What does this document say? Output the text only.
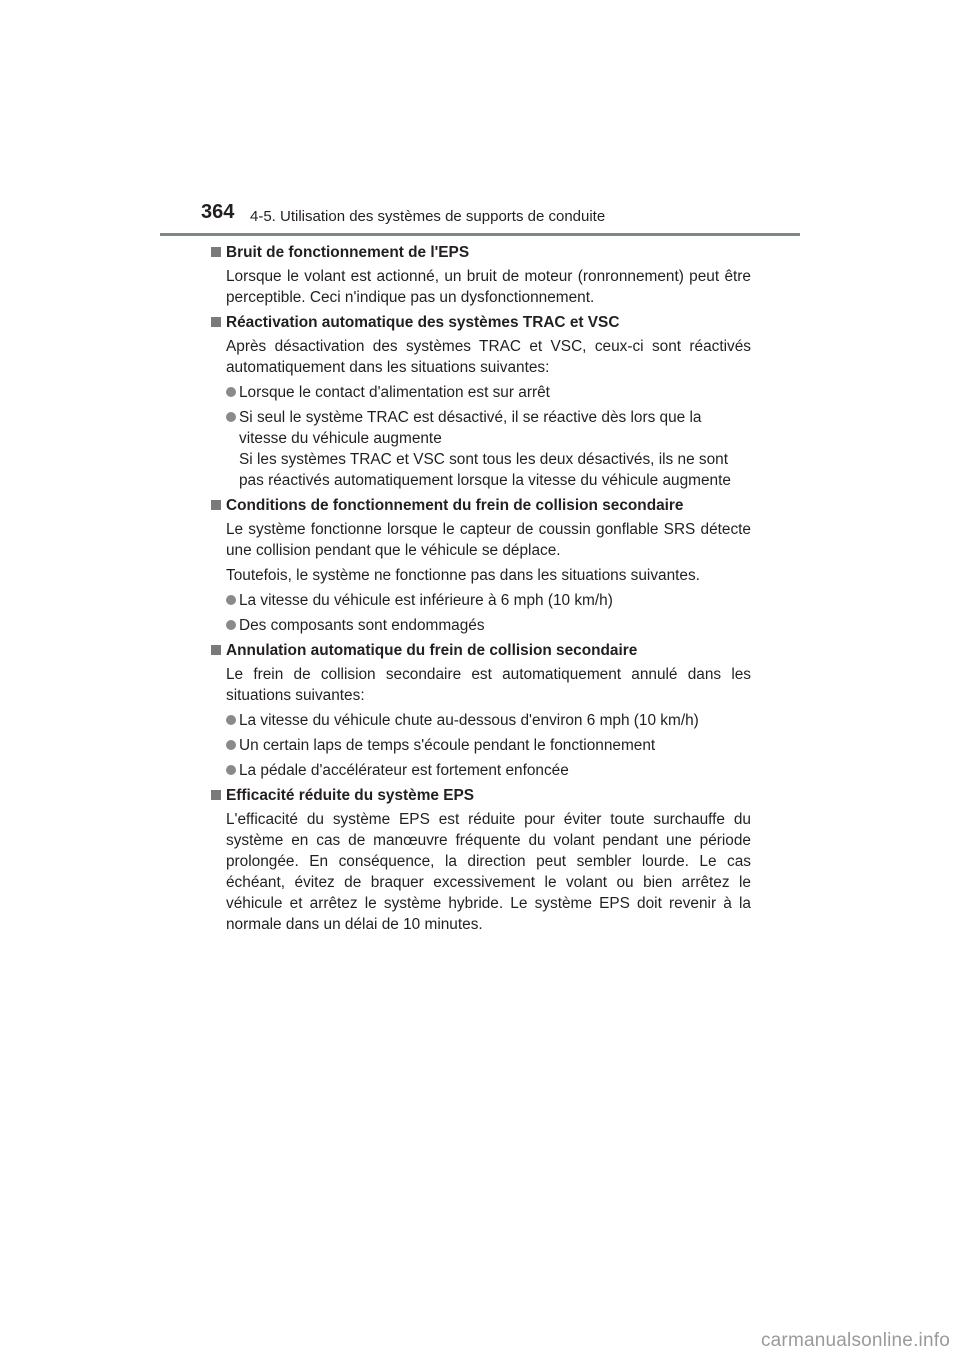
364 4-5. Utilisation des systèmes de supports de conduite
Bruit de fonctionnement de l'EPS
Lorsque le volant est actionné, un bruit de moteur (ronronnement) peut être perceptible. Ceci n'indique pas un dysfonctionnement.
Réactivation automatique des systèmes TRAC et VSC
Après désactivation des systèmes TRAC et VSC, ceux-ci sont réactivés automatiquement dans les situations suivantes:
Lorsque le contact d'alimentation est sur arrêt
Si seul le système TRAC est désactivé, il se réactive dès lors que la vitesse du véhicule augmente
Si les systèmes TRAC et VSC sont tous les deux désactivés, ils ne sont pas réactivés automatiquement lorsque la vitesse du véhicule augmente
Conditions de fonctionnement du frein de collision secondaire
Le système fonctionne lorsque le capteur de coussin gonflable SRS détecte une collision pendant que le véhicule se déplace.
Toutefois, le système ne fonctionne pas dans les situations suivantes.
La vitesse du véhicule est inférieure à 6 mph (10 km/h)
Des composants sont endommagés
Annulation automatique du frein de collision secondaire
Le frein de collision secondaire est automatiquement annulé dans les situations suivantes:
La vitesse du véhicule chute au-dessous d'environ 6 mph (10 km/h)
Un certain laps de temps s'écoule pendant le fonctionnement
La pédale d'accélérateur est fortement enfoncée
Efficacité réduite du système EPS
L'efficacité du système EPS est réduite pour éviter toute surchauffe du système en cas de manœuvre fréquente du volant pendant une période prolongée. En conséquence, la direction peut sembler lourde. Le cas échéant, évitez de braquer excessivement le volant ou bien arrêtez le véhicule et arrêtez le système hybride. Le système EPS doit revenir à la normale dans un délai de 10 minutes.
carmanualsonline.info
